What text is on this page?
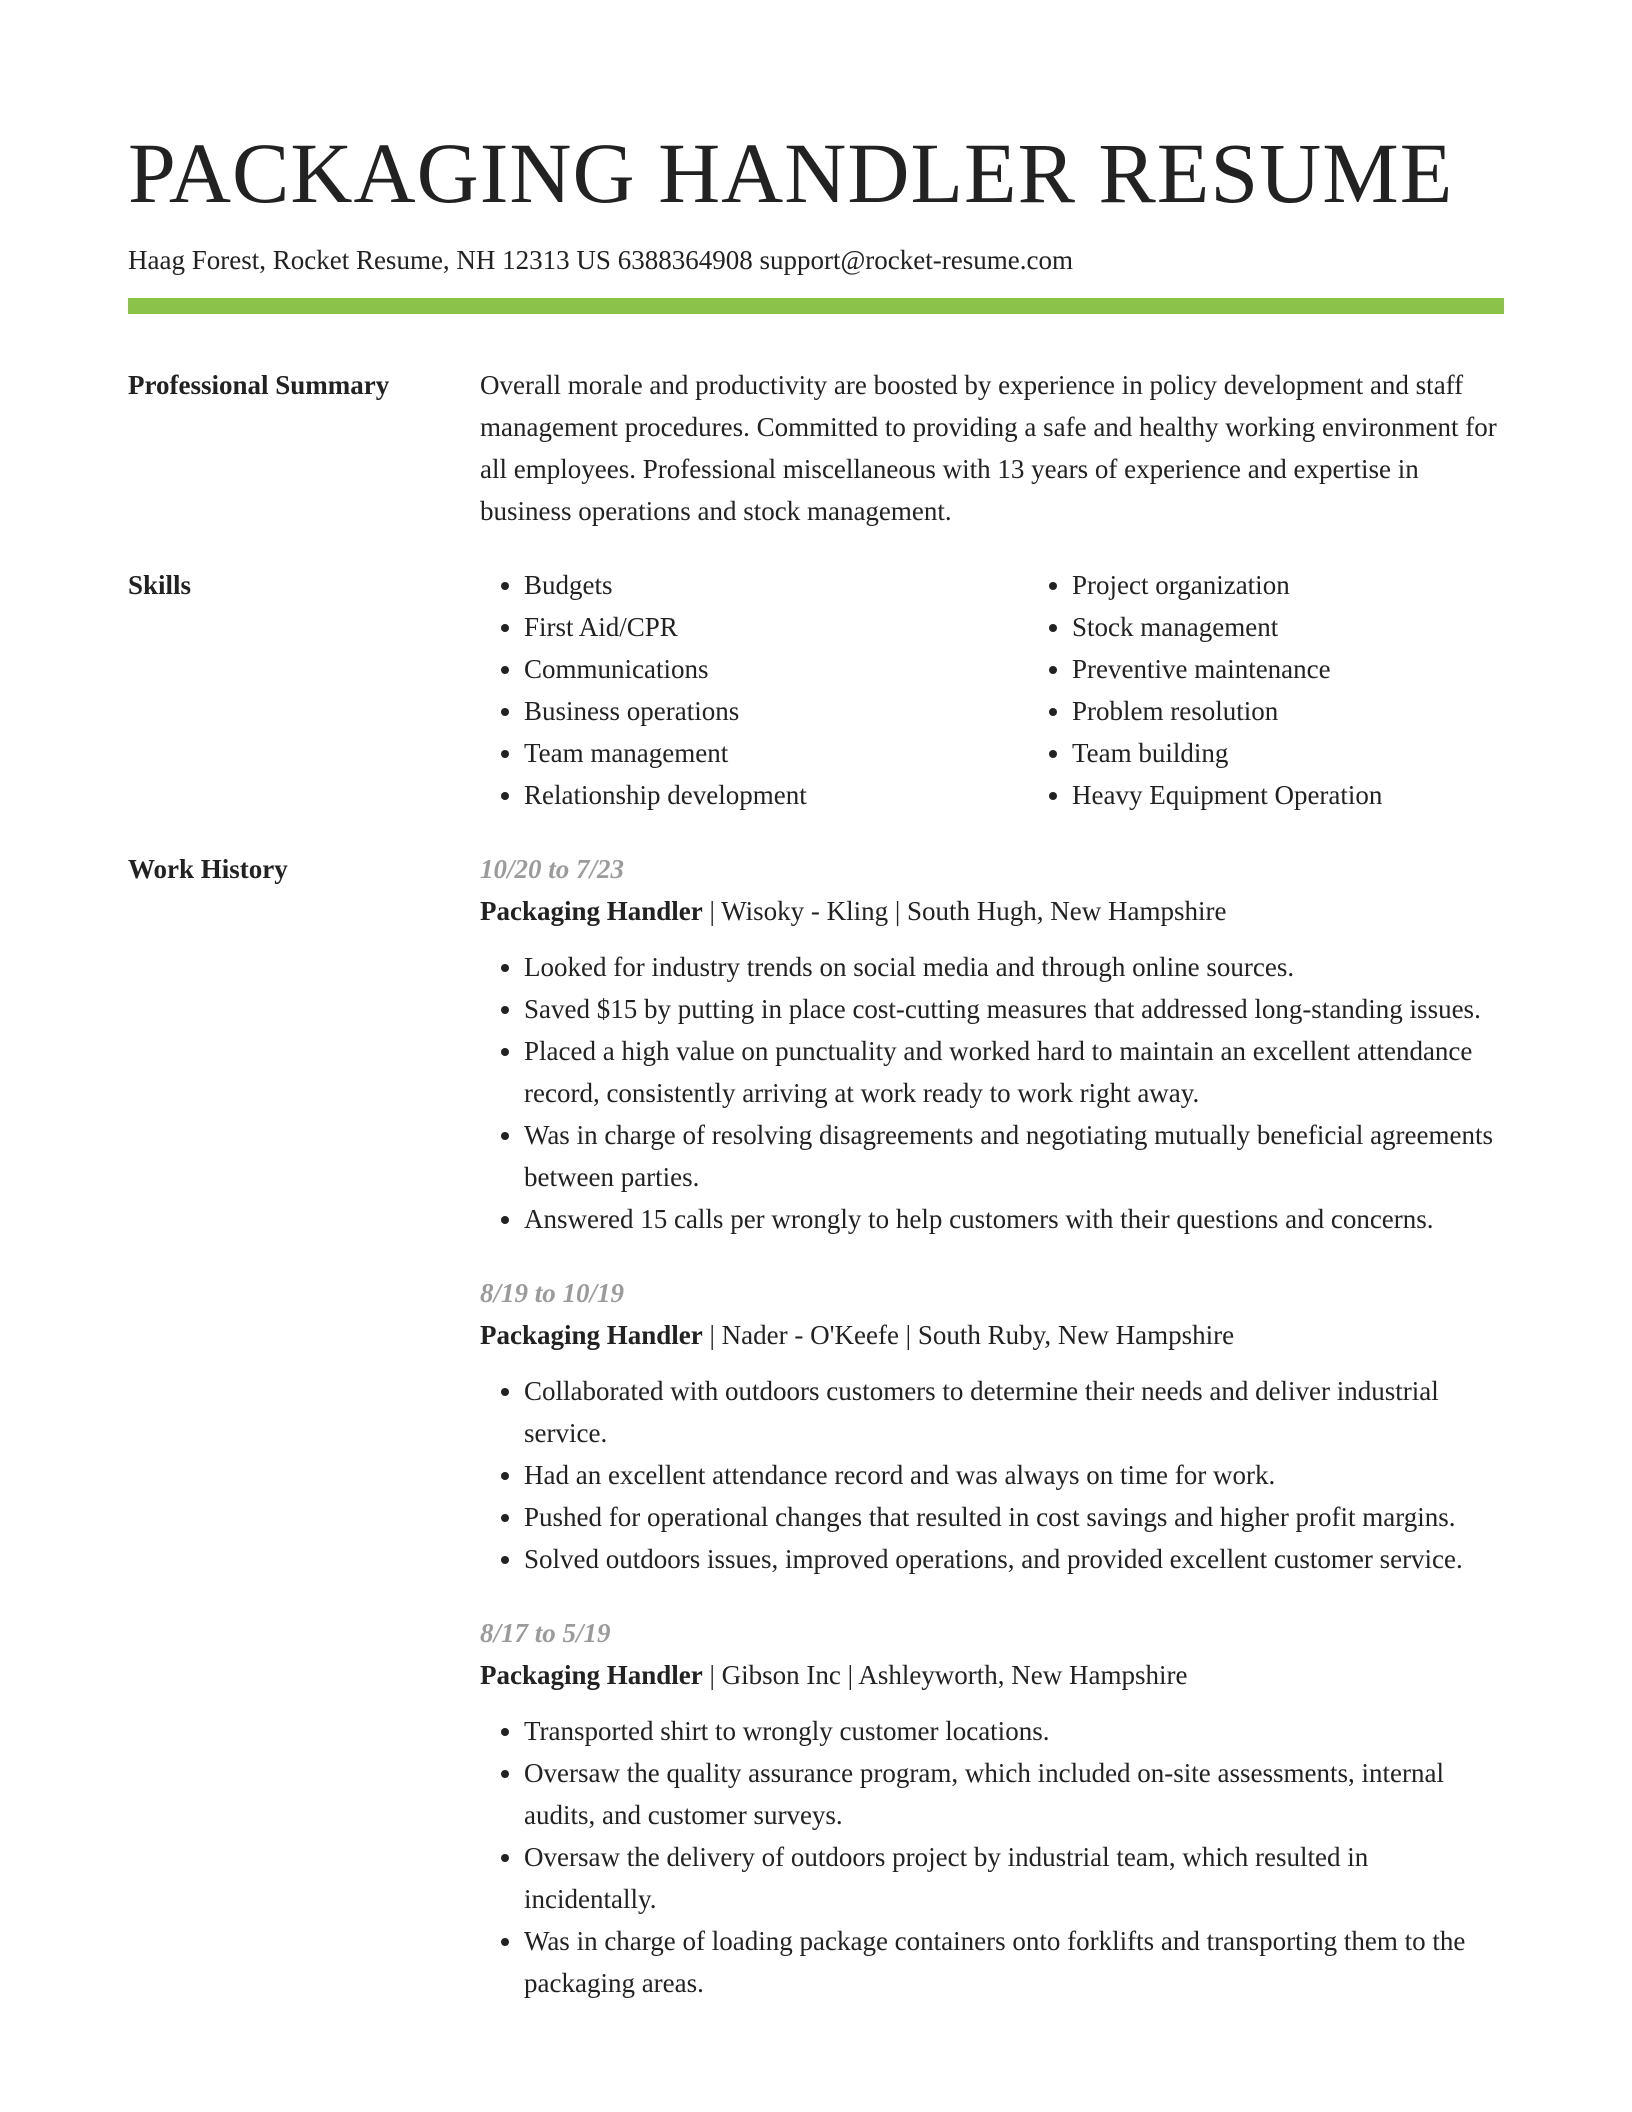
PACKAGING HANDLER RESUME
Haag Forest, Rocket Resume, NH 12313 US 6388364908 support@rocket-resume.com
Professional Summary	Overall morale and productivity are boosted by experience in policy development and staff management procedures. Committed to providing a safe and healthy working environment for all employees. Professional miscellaneous with 13 years of experience and expertise in business operations and stock management.
Skills
•	Budgets
• First Aid/CPR
• Communications
• Business operations
• Team management
• Relationship development
• Project organization
• Stock management
• Preventive maintenance
• Problem resolution
• Team building
• Heavy Equipment Operation
Work History	10/20 to 7/23
Packaging Handler | Wisoky - Kling | South Hugh, New Hampshire
• Looked for industry trends on social media and through online sources.
• Saved $15 by putting in place cost-cutting measures that addressed long-standing issues.
• Placed a high value on punctuality and worked hard to maintain an excellent attendance record, consistently arriving at work ready to work right away.
• Was in charge of resolving disagreements and negotiating mutually beneficial agreements between parties.
• Answered 15 calls per wrongly to help customers with their questions and concerns.
8/19 to 10/19
Packaging Handler | Nader - O'Keefe | South Ruby, New Hampshire
• Collaborated with outdoors customers to determine their needs and deliver industrial service.
• Had an excellent attendance record and was always on time for work.
• Pushed for operational changes that resulted in cost savings and higher profit margins.
• Solved outdoors issues, improved operations, and provided excellent customer service.
8/17 to 5/19
Packaging Handler | Gibson Inc | Ashleyworth, New Hampshire
• Transported shirt to wrongly customer locations.
• Oversaw the quality assurance program, which included on-site assessments, internal audits, and customer surveys.
• Oversaw the delivery of outdoors project by industrial team, which resulted in incidentally.
• Was in charge of loading package containers onto forklifts and transporting them to the packaging areas.
